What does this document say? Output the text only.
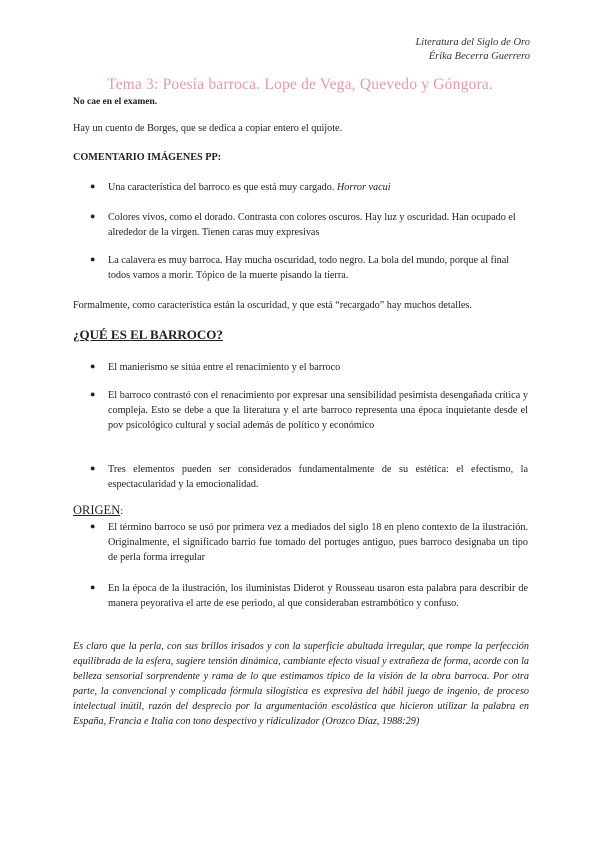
Literatura del Siglo de Oro
Érika Becerra Guerrero
Tema 3: Poesía barroca. Lope de Vega, Quevedo y Góngora.
No cae en el examen.
Hay un cuento de Borges, que se dedica a copiar entero el quijote.
COMENTARIO IMÁGENES PP:
● Una característica del barroco es que está muy cargado. Horror vacui
● Colores vivos, como el dorado. Contrasta con colores oscuros. Hay luz y oscuridad. Han ocupado el alrededor de la virgen. Tienen caras muy expresivas
● La calavera es muy barroca. Hay mucha oscuridad, todo negro. La bola del mundo, porque al final todos vamos a morir. Tópico de la muerte pisando la tierra.
Formalmente, como característica están la oscuridad, y que está “recargado” hay muchos detalles.
¿QUÉ ES EL BARROCO?
● El manierismo se sitúa entre el renacimiento y el barroco
● El barroco contrastó con el renacimiento por expresar una sensibilidad pesimista desengañada crítica y compleja. Esto se debe a que la literatura y el arte barroco representa una época inquietante desde el pov psicológico cultural y social además de político y económico
● Tres elementos pueden ser considerados fundamentalmente de su estética: el efectismo, la espectacularidad y la emocionalidad.
ORIGEN:
● El término barroco se usó por primera vez a mediados del siglo 18 en pleno contexto de la ilustración. Originalmente, el significado barrio fue tomado del portuges antiguo, pues barroco designaba un tipo de perla forma irregular
● En la época de la ilustración, los iluministas Diderot y Rousseau usaron esta palabra para describir de manera peyorativa el arte de ese periodo, al que consideraban estrambótico y confuso.
Es claro que la perla, con sus brillos irisados y con la superficie abultada irregular, que rompe la perfección equilibrada de la esfera, sugiere tensión dinámica, cambiante efecto visual y extrañeza de forma, acorde con la belleza sensorial sorprendente y rama de lo que estimamos típico de la visión de la obra barroca. Por otra parte, la convencional y complicada fórmula silogística es expresiva del hábil juego de ingenio, de proceso intelectual inútil, razón del desprecio por la argumentación escolástica que hicieron utilizar la palabra en España, Francia e Italia con tono despectivo y ridiculizador (Orozco Díaz, 1988:29)
